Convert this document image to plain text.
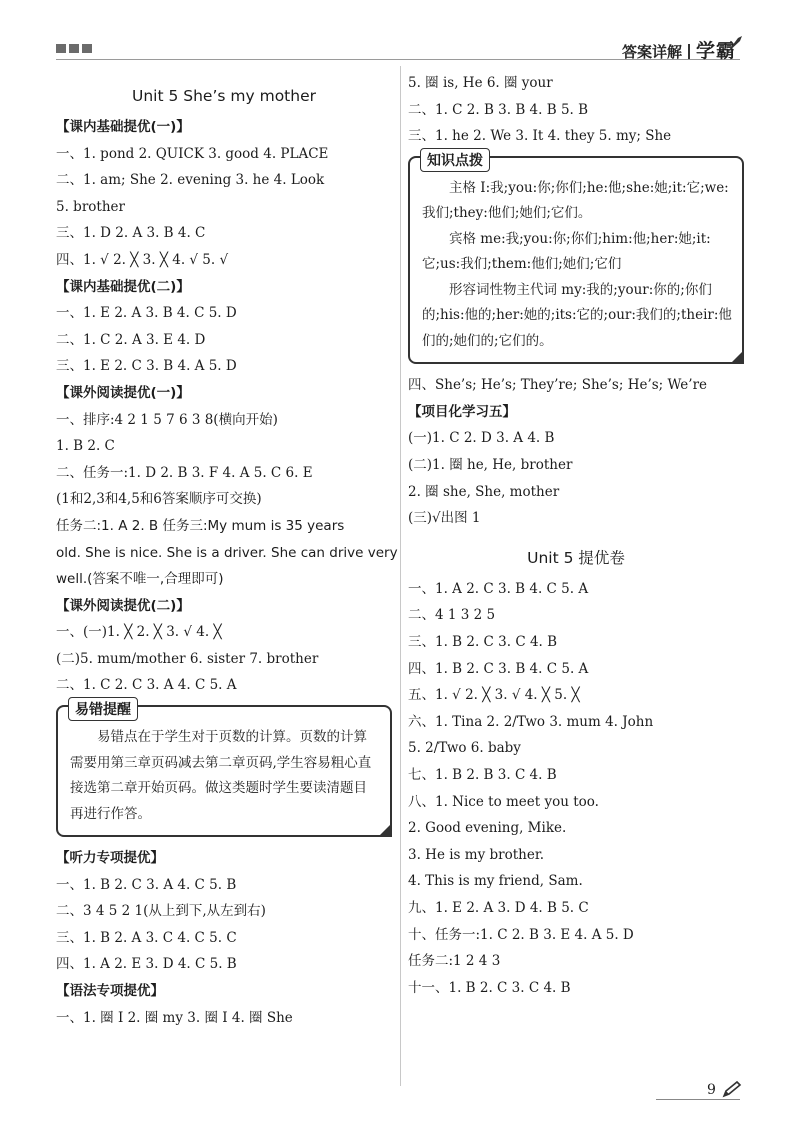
答案详解 学霸
Unit 5 She’s my mother
【课内基础提优(一)】
一、1. pond 2. QUICK 3. good 4. PLACE
二、1. am; She 2. evening 3. he 4. Look
5. brother
三、1. D 2. A 3. B 4. C
四、1. √ 2. ╳ 3. ╳ 4. √ 5. √
【课内基础提优(二)】
一、1. E 2. A 3. B 4. C 5. D
二、1. C 2. A 3. E 4. D
三、1. E 2. C 3. B 4. A 5. D
【课外阅读提优(一)】
一、排序:4 2 1 5 7 6 3 8(横向开始)
1. B 2. C
二、任务一:1. D 2. B 3. F 4. A 5. C 6. E
(1和2,3和4,5和6答案顺序可交换)
任务二:1. A 2. B 任务三:My mum is 35 years
old. She is nice. She is a driver. She can drive very
well.(答案不唯一,合理即可)
【课外阅读提优(二)】
一、(一)1. ╳ 2. ╳ 3. √ 4. ╳
(二)5. mum/mother 6. sister 7. brother
二、1. C 2. C 3. A 4. C 5. A
易错提醒

易错点在于学生对于页数的计算。页数的计算需要用第三章页码减去第二章页码,学生容易粗心直接选第二章开始页码。做这类题时学生要读清题目再进行作答。

【听力专项提优】
一、1. B 2. C 3. A 4. C 5. B
二、3 4 5 2 1(从上到下,从左到右)
三、1. B 2. A 3. C 4. C 5. C
四、1. A 2. E 3. D 4. C 5. B
【语法专项提优】
一、1. 圈 I 2. 圈 my 3. 圈 I 4. 圈 She
5. 圈 is, He 6. 圈 your
二、1. C 2. B 3. B 4. B 5. B
三、1. he 2. We 3. It 4. they 5. my; She
知识点拨

主格 I:我;you:你;你们;he:他;she:她;it:它;we:我们;they:他们;她们;它们。

宾格 me:我;you:你;你们;him:他;her:她;it:它;us:我们;them:他们;她们;它们

形容词性物主代词 my:我的;your:你的;你们的;his:他的;her:她的;its:它的;our:我们的;their:他们的;她们的;它们的。

四、She’s; He’s; They’re; She’s; He’s; We’re
【项目化学习五】
(一)1. C 2. D 3. A 4. B
(二)1. 圈 he, He, brother
2. 圈 she, She, mother
(三)√出图 1
Unit 5 提优卷
一、1. A 2. C 3. B 4. C 5. A
二、4 1 3 2 5
三、1. B 2. C 3. C 4. B
四、1. B 2. C 3. B 4. C 5. A
五、1. √ 2. ╳ 3. √ 4. ╳ 5. ╳
六、1. Tina 2. 2/Two 3. mum 4. John
5. 2/Two 6. baby
七、1. B 2. B 3. C 4. B
八、1. Nice to meet you too.
2. Good evening, Mike.
3. He is my brother.
4. This is my friend, Sam.
九、1. E 2. A 3. D 4. B 5. C
十、任务一:1. C 2. B 3. E 4. A 5. D
任务二:1 2 4 3
十一、1. B 2. C 3. C 4. B
9
